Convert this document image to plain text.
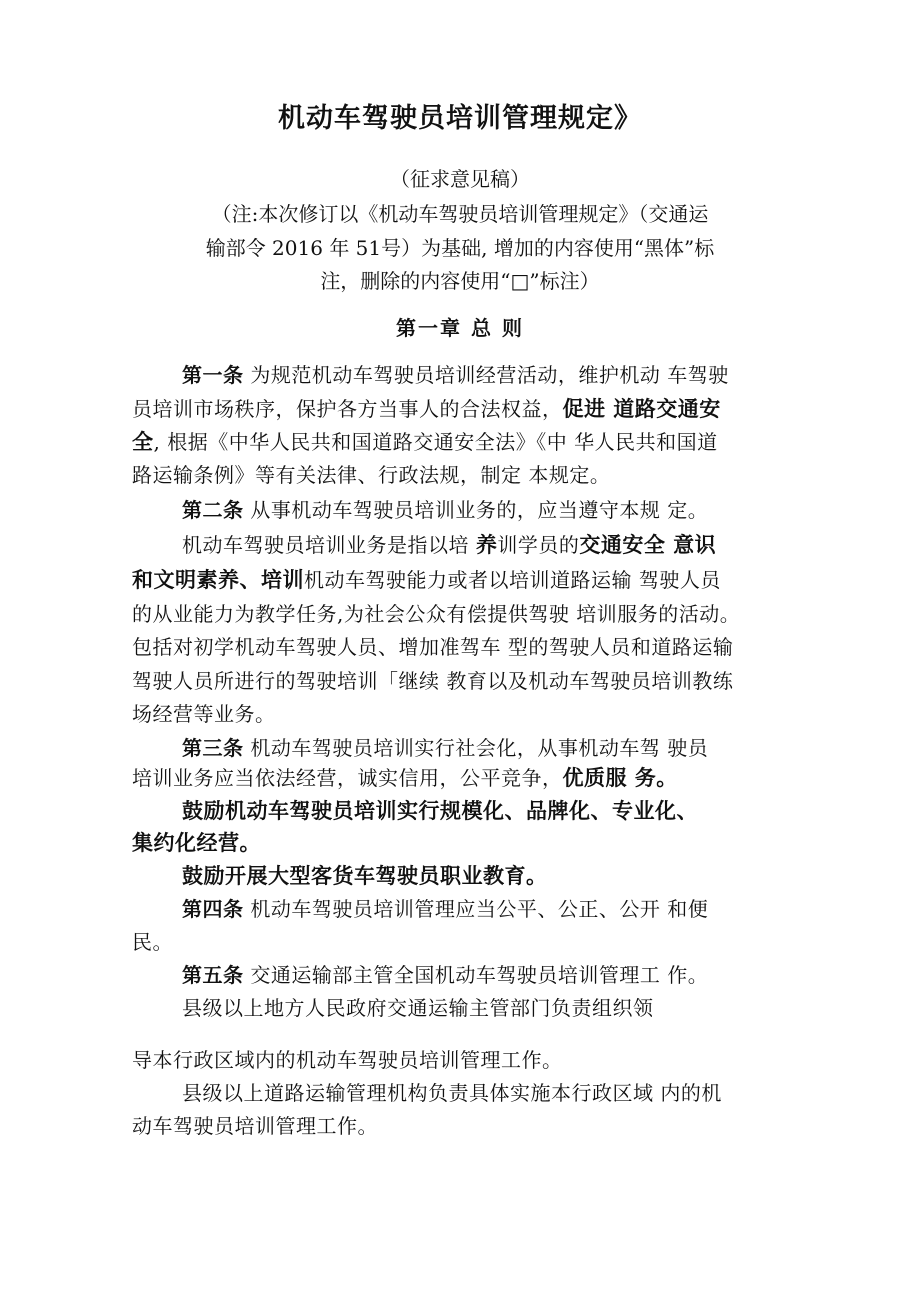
机动车驾驶员培训管理规定》
（征求意见稿）
（注:本次修订以《机动车驾驶员培训管理规定》（交通运
输部令 2016 年 51号）为基础, 增加的内容使用“黑体”标
注，删除的内容使用“□”标注）
第一章 总 则
第一条 为规范机动车驾驶员培训经营活动，维护机动 车驾驶
员培训市场秩序，保护各方当事人的合法权益，促进 道路交通安
全, 根据《中华人民共和国道路交通安全法》《中 华人民共和国道
路运输条例》等有关法律、行政法规，制定 本规定。
第二条 从事机动车驾驶员培训业务的，应当遵守本规 定。
机动车驾驶员培训业务是指以培 养训学员的交通安全 意识
和文明素养、培训机动车驾驶能力或者以培训道路运输 驾驶人员
的从业能力为教学任务,为社会公众有偿提供驾驶 培训服务的活动。
包括对初学机动车驾驶人员、增加准驾车 型的驾驶人员和道路运输
驾驶人员所进行的驾驶培训「继续 教育以及机动车驾驶员培训教练
场经营等业务。
第三条 机动车驾驶员培训实行社会化，从事机动车驾 驶员
培训业务应当依法经营，诚实信用，公平竞争，优质服 务。
鼓励机动车驾驶员培训实行规模化、品牌化、专业化、
集约化经营。
鼓励开展大型客货车驾驶员职业教育。
第四条 机动车驾驶员培训管理应当公平、公正、公开 和便
民。
第五条 交通运输部主管全国机动车驾驶员培训管理工 作。
县级以上地方人民政府交通运输主管部门负责组织领
导本行政区域内的机动车驾驶员培训管理工作。
县级以上道路运输管理机构负责具体实施本行政区域 内的机
动车驾驶员培训管理工作。
